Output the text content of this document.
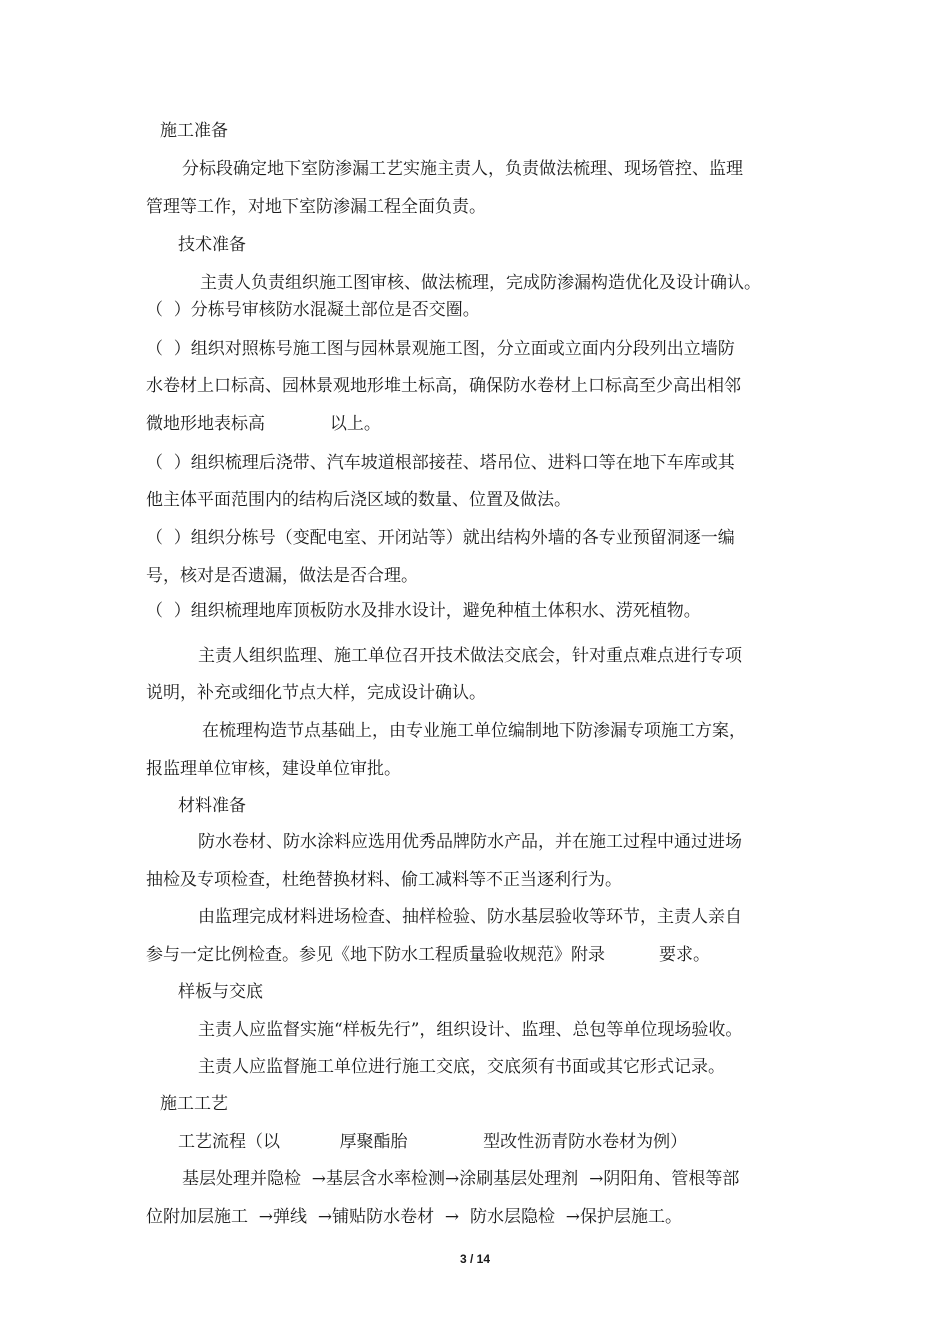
施工准备
分标段确定地下室防渗漏工艺实施主责人，负责做法梳理、现场管控、监理
管理等工作，对地下室防渗漏工程全面负责。
技术准备
主责人负责组织施工图审核、做法梳理，完成防渗漏构造优化及设计确认。
（  ）分栋号审核防水混凝土部位是否交圈。
（  ）组织对照栋号施工图与园林景观施工图，分立面或立面内分段列出立墙防
水卷材上口标高、园林景观地形堆土标高，确保防水卷材上口标高至少高出相邻
微地形地表标高            以上。
（  ）组织梳理后浇带、汽车坡道根部接茬、塔吊位、进料口等在地下车库或其
他主体平面范围内的结构后浇区域的数量、位置及做法。
（  ）组织分栋号（变配电室、开闭站等）就出结构外墙的各专业预留洞逐一编
号，核对是否遗漏，做法是否合理。
（  ）组织梳理地库顶板防水及排水设计，避免种植土体积水、涝死植物。
主责人组织监理、施工单位召开技术做法交底会，针对重点难点进行专项
说明，补充或细化节点大样，完成设计确认。
在梳理构造节点基础上，由专业施工单位编制地下防渗漏专项施工方案，
报监理单位审核，建设单位审批。
材料准备
防水卷材、防水涂料应选用优秀品牌防水产品，并在施工过程中通过进场
抽检及专项检查，杜绝替换材料、偷工减料等不正当逐利行为。
由监理完成材料进场检查、抽样检验、防水基层验收等环节，主责人亲自
参与一定比例检查。参见《地下防水工程质量验收规范》附录          要求。
样板与交底
主责人应监督实施“样板先行”，组织设计、监理、总包等单位现场验收。
主责人应监督施工单位进行施工交底，交底须有书面或其它形式记录。
施工工艺
工艺流程（以           厚聚酯胎              型改性沥青防水卷材为例）
基层处理并隐检  →基层含水率检测→涂刷基层处理剂  →阴阳角、管根等部
位附加层施工  →弹线  →铺贴防水卷材  →  防水层隐检  →保护层施工。
3 / 14
